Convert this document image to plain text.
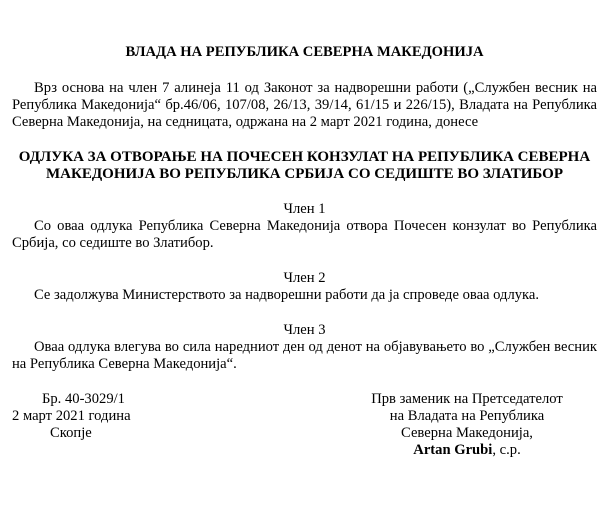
ВЛАДА НА РЕПУБЛИКА СЕВЕРНА МАКЕДОНИЈА

Врз основа на член 7 алинеја 11 од Законот за надворешни работи („Службен весник на Република Македонија“ бр.46/06, 107/08, 26/13, 39/14, 61/15 и 226/15), Владата на Република Северна Македонија, на седницата, одржана на 2 март 2021 година, донесе

ОДЛУКА ЗА ОТВОРАЊЕ НА ПОЧЕСЕН КОНЗУЛАТ НА РЕПУБЛИКА СЕВЕРНА МАКЕДОНИЈА ВО РЕПУБЛИКА СРБИЈА СО СЕДИШТЕ ВО ЗЛАТИБОР

Член 1

Со оваа одлука Република Северна Македонија отвора Почесен конзулат во Република Србија, со седиште во Златибор.

Член 2

Се задолжува Министерството за надворешни работи да ја спроведе оваа одлука.

Член 3

Оваа одлука влегува во сила наредниот ден од денот на објавувањето во „Службен весник на Република Северна Македонија“.

Бр. 40-3029/1
2 март 2021 година
Скопје
Прв заменик на Претседателот
на Владата на Република
Северна Македонија,
Artan Grubi, с.р.
